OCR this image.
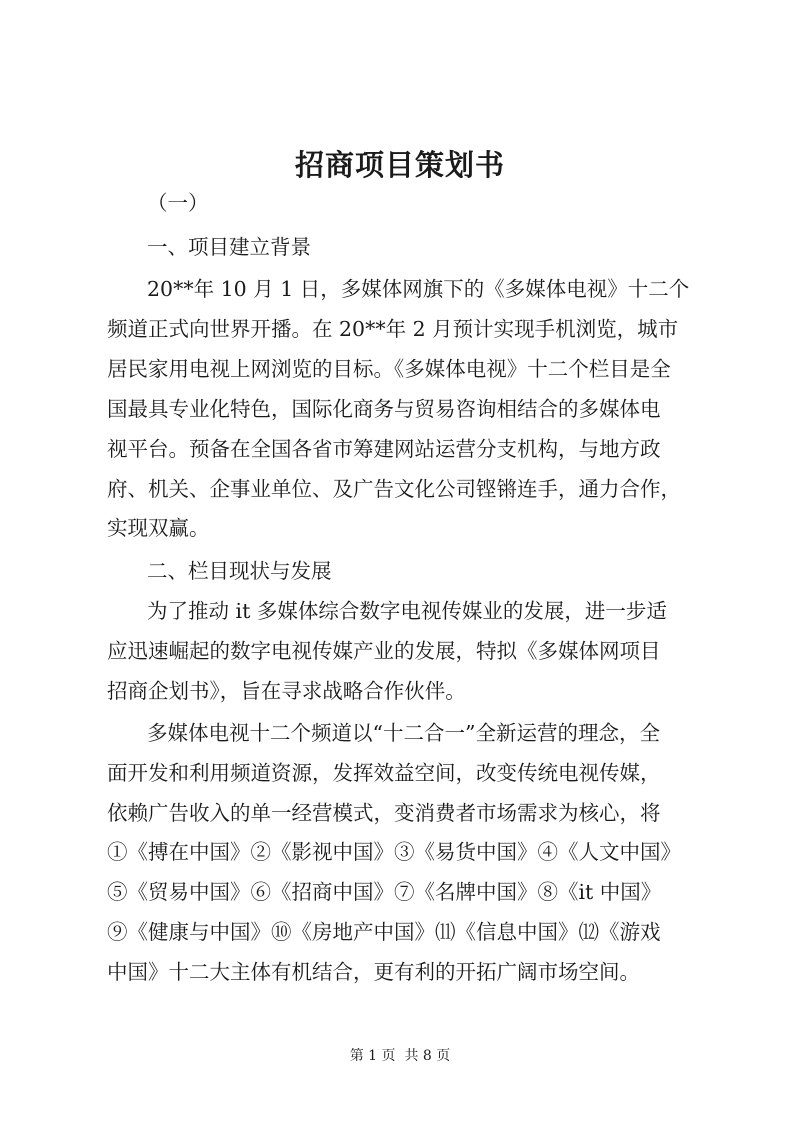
招商项目策划书
（一）
一、项目建立背景
20**年 10 月 1 日，多媒体网旗下的《多媒体电视》十二个
频道正式向世界开播。在 20**年 2 月预计实现手机浏览，城市
居民家用电视上网浏览的目标。《多媒体电视》十二个栏目是全
国最具专业化特色，国际化商务与贸易咨询相结合的多媒体电
视平台。预备在全国各省市筹建网站运营分支机构，与地方政
府、机关、企事业单位、及广告文化公司铿锵连手，通力合作，
实现双赢。
二、栏目现状与发展
为了推动 it 多媒体综合数字电视传媒业的发展，进一步适
应迅速崛起的数字电视传媒产业的发展，特拟《多媒体网项目
招商企划书》，旨在寻求战略合作伙伴。
多媒体电视十二个频道以“十二合一”全新运营的理念，全
面开发和利用频道资源，发挥效益空间，改变传统电视传媒，
依赖广告收入的单一经营模式，变消费者市场需求为核心，将
①《搏在中国》②《影视中国》③《易货中国》④《人文中国》
⑤《贸易中国》⑥《招商中国》⑦《名牌中国》⑧《it 中国》
⑨《健康与中国》⑩《房地产中国》⑾《信息中国》⑿《游戏
中国》十二大主体有机结合，更有利的开拓广阔市场空间。
第 1 页  共 8 页
